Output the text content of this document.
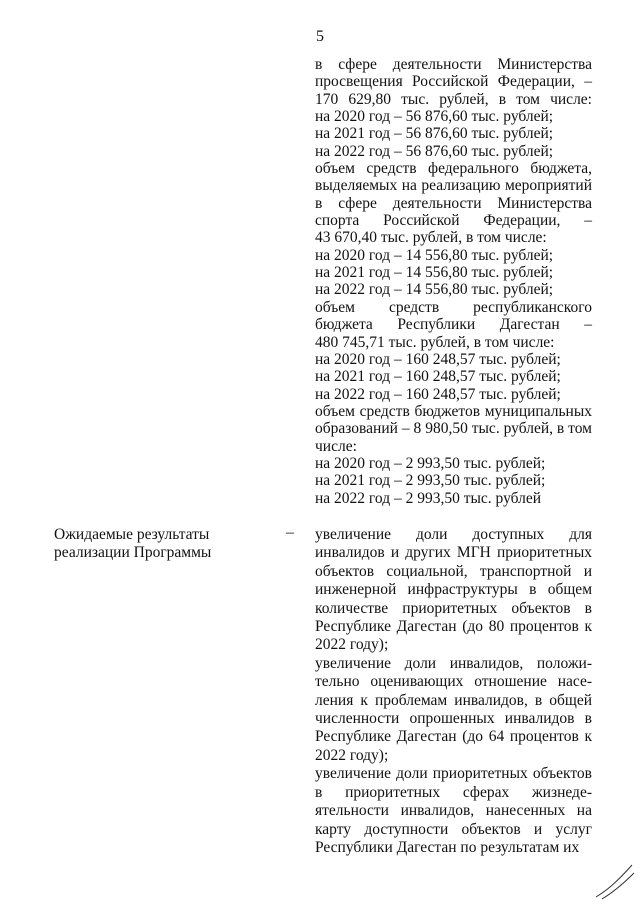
5

в сфере деятельности Министерства

просвещения Российской Федерации, –

170 629,80 тыс. рублей, в том числе:

на 2020 год – 56 876,60 тыс. рублей;

на 2021 год – 56 876,60 тыс. рублей;

на 2022 год – 56 876,60 тыс. рублей;

объем средств федерального бюджета,

выделяемых на реализацию мероприятий

в сфере деятельности Министерства

спорта Российской Федерации, –

43 670,40 тыс. рублей, в том числе:

на 2020 год – 14 556,80 тыс. рублей;

на 2021 год – 14 556,80 тыс. рублей;

на 2022 год – 14 556,80 тыс. рублей;

объем средств республиканского

бюджета Республики Дагестан –

480 745,71 тыс. рублей, в том числе:

на 2020 год – 160 248,57 тыс. рублей;

на 2021 год – 160 248,57 тыс. рублей;

на 2022 год – 160 248,57 тыс. рублей;

объем средств бюджетов муниципальных

образований – 8 980,50 тыс. рублей, в том

числе:

на 2020 год – 2 993,50 тыс. рублей;

на 2021 год – 2 993,50 тыс. рублей;

на 2022 год – 2 993,50 тыс. рублей

Ожидаемые результаты
реализации Программы
– увеличение доли доступных для инвалидов и других МГН приоритетных объектов социальной, транспортной и инженерной инфраструктуры в общем количестве приоритетных объектов в Республике Дагестан (до 80 процентов к 2022 году);

увеличение доли инвалидов, положи-тельно оценивающих отношение насе-ления к проблемам инвалидов, в общей численности опрошенных инвалидов в Республике Дагестан (до 64 процентов к 2022 году);

увеличение доли приоритетных объектов в приоритетных сферах жизнеде-ятельности инвалидов, нанесенных на карту доступности объектов и услуг Республики Дагестан по результатам их
